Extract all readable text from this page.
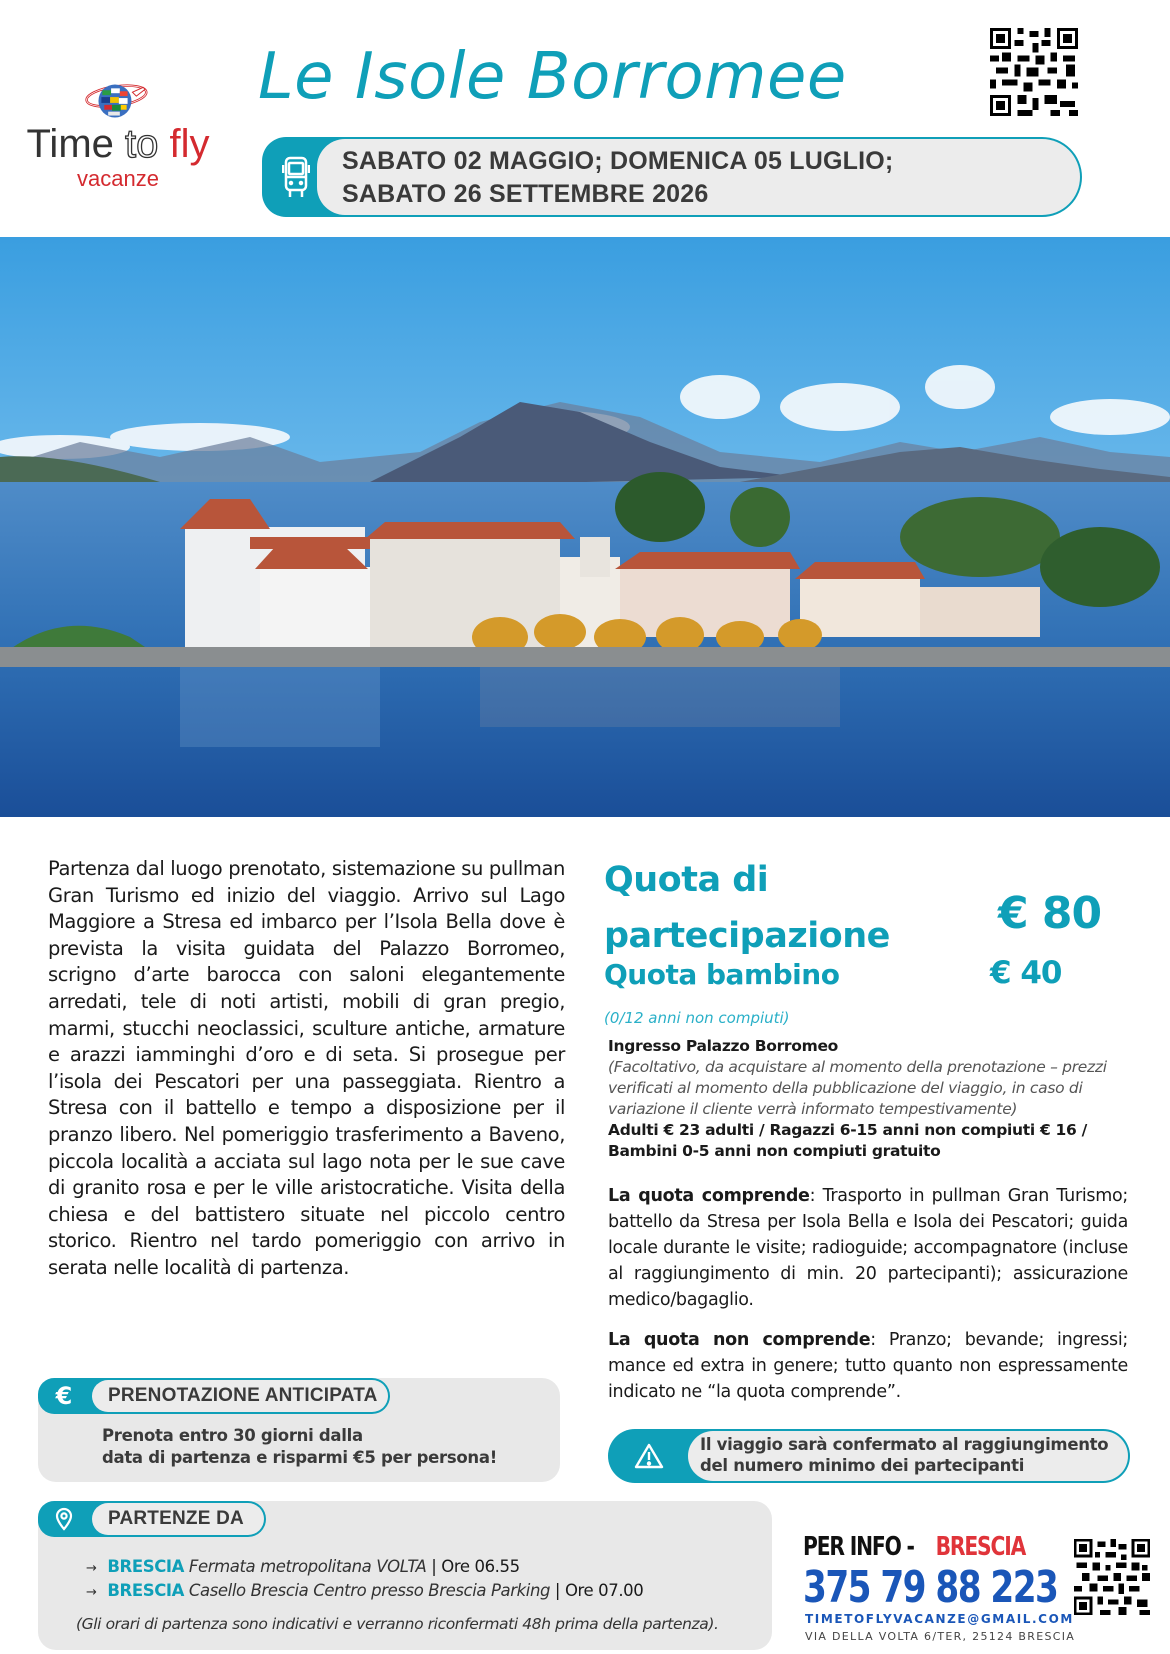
Time to fly
vacanze
Le Isole Borromee
SABATO 02 MAGGIO; DOMENICA 05 LUGLIO;
SABATO 26 SETTEMBRE 2026

Partenza dal luogo prenotato, sistemazione su pullman Gran Turismo ed inizio del viaggio. Arrivo sul Lago Maggiore a Stresa ed imbarco per l’Isola Bella dove è prevista la visita guidata del Palazzo Borromeo, scrigno d’arte barocca con saloni elegantemente arredati, tele di noti artisti, mobili di gran pregio, marmi, stucchi neoclassici, sculture antiche, armature e arazzi iamminghi d’oro e di seta. Si prosegue per l’isola dei Pescatori per una passeggiata. Rientro a Stresa con il battello e tempo a disposizione per il pranzo libero. Nel pomeriggio trasferimento a Baveno, piccola località a acciata sul lago nota per le sue cave di granito rosa e per le ville aristocratiche. Visita della chiesa e del battistero situate nel piccolo centro storico. Rientro nel tardo pomeriggio con arrivo in serata nelle località di partenza.

Quota di
partecipazione	€ 80
Quota bambino	€ 40
(0/12 anni non compiuti)
Ingresso Palazzo Borromeo
(Facoltativo, da acquistare al momento della prenotazione – prezzi verificati al momento della pubblicazione del viaggio, in caso di variazione il cliente verrà informato tempestivamente)
Adulti € 23 adulti / Ragazzi 6-15 anni non compiuti € 16 / Bambini 0-5 anni non compiuti gratuito

La quota comprende: Trasporto in pullman Gran Turismo; battello da Stresa per Isola Bella e Isola dei Pescatori; guida locale durante le visite; radioguide; accompagnatore (incluse al raggiungimento di min. 20 partecipanti); assicurazione medico/bagaglio.

La quota non comprende: Pranzo; bevande; ingressi; mance ed extra in genere; tutto quanto non espressamente indicato ne “la quota comprende”.

Il viaggio sarà confermato al raggiungimento
del numero minimo dei partecipanti
€ PRENOTAZIONE ANTICIPATA
Prenota entro 30 giorni dalla
data di partenza e risparmi €5 per persona!
PARTENZE DA
→ BRESCIA Fermata metropolitana VOLTA | Ore 06.55
→ BRESCIA Casello Brescia Centro presso Brescia Parking | Ore 07.00
(Gli orari di partenza sono indicativi e verranno riconfermati 48h prima della partenza).
PER INFO - BRESCIA
375 79 88 223
TIMETOFLYVACANZE@GMAIL.COM
VIA DELLA VOLTA 6/TER, 25124 BRESCIA
